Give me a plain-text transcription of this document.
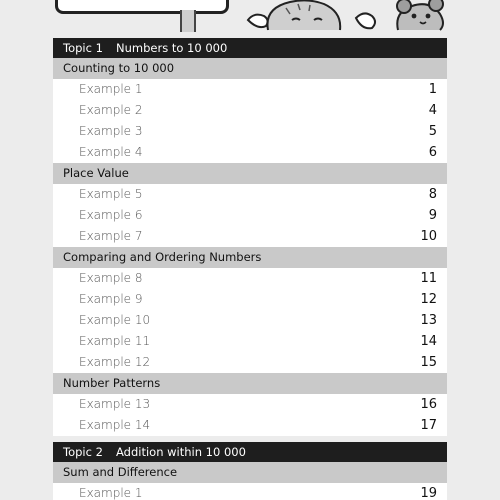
Topic 1 Numbers to 10 000
Counting to 10 000
Example 1	1
Example 2	4
Example 3	5
Example 4	6
Place Value
Example 5	8
Example 6	9
Example 7	10
Comparing and Ordering Numbers
Example 8	11
Example 9	12
Example 10	13
Example 11	14
Example 12	15
Number Patterns
Example 13	16
Example 14	17
Topic 2 Addition within 10 000
Sum and Difference
Example 1	19
